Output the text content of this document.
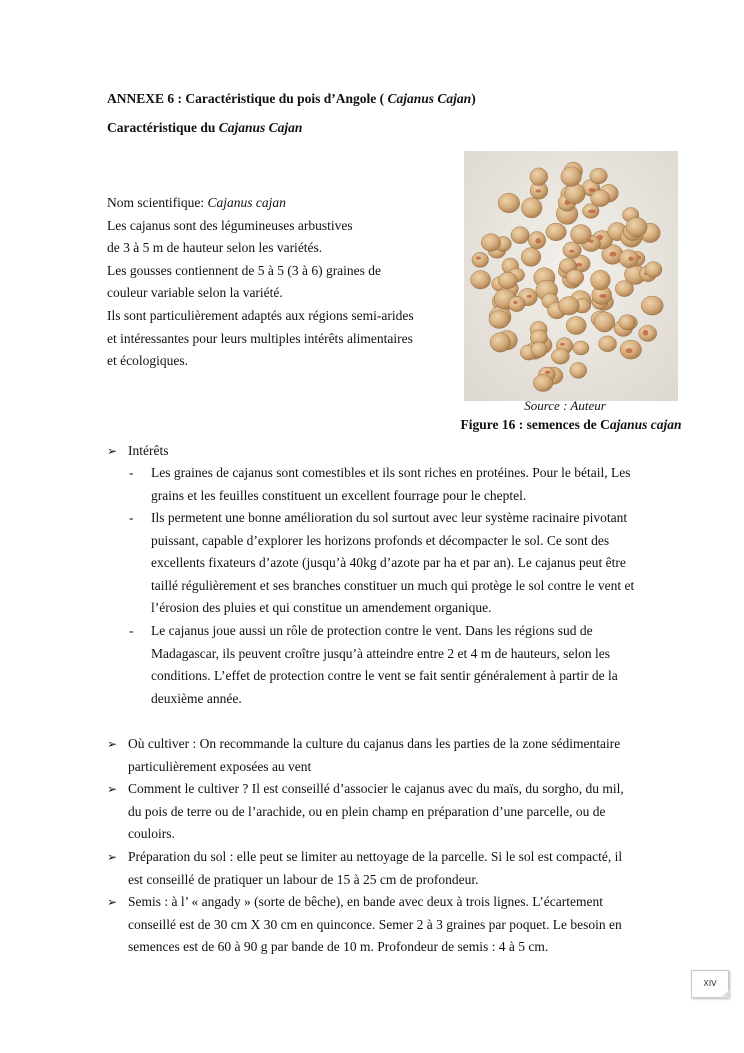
ANNEXE 6 : Caractéristique du pois d’Angole ( Cajanus Cajan)
Caractéristique du Cajanus Cajan
Nom scientifique: Cajanus cajan
Les cajanus sont des légumineuses arbustives
de 3 à 5 m de hauteur selon les variétés.
Les gousses contiennent de 5 à 5 (3 à 6) graines de
couleur variable selon la variété.
Ils sont particulièrement adaptés aux régions semi-arides
et intéressantes pour leurs multiples intérêts alimentaires
et écologiques.
Source : Auteur
Figure 16 : semences de Cajanus cajan
➢ Intérêts
- Les graines de cajanus sont comestibles et ils sont riches en protéines. Pour le bétail, Les
grains et les feuilles constituent un excellent fourrage pour le cheptel.
- Ils permetent une bonne amélioration du sol surtout avec leur système racinaire pivotant
puissant, capable d’explorer les horizons profonds et décompacter le sol. Ce sont des
excellents fixateurs d’azote (jusqu’à 40kg d’azote par ha et par an). Le cajanus peut être
taillé régulièrement et ses branches constituer un much qui protège le sol contre le vent et
l’érosion des pluies et qui constitue un amendement organique.
- Le cajanus joue aussi un rôle de protection contre le vent. Dans les régions sud de
Madagascar, ils peuvent croître jusqu’à atteindre entre 2 et 4 m de hauteurs, selon les
conditions. L’effet de protection contre le vent se fait sentir généralement à partir de la
deuxième année.
➢ Où cultiver : On recommande la culture du cajanus dans les parties de la zone sédimentaire
particulièrement exposées au vent
➢ Comment le cultiver ? Il est conseillé d’associer le cajanus avec du maïs, du sorgho, du mil,
du pois de terre ou de l’arachide, ou en plein champ en préparation d’une parcelle, ou de
couloirs.
➢ Préparation du sol : elle peut se limiter au nettoyage de la parcelle. Si le sol est compacté, il
est conseillé de pratiquer un labour de 15 à 25 cm de profondeur.
➢ Semis : à l’ « angady » (sorte de bêche), en bande avec deux à trois lignes. L’écartement
conseillé est de 30 cm X 30 cm en quinconce. Semer 2 à 3 graines par poquet. Le besoin en
semences est de 60 à 90 g par bande de 10 m. Profondeur de semis : 4 à 5 cm.
XIV
